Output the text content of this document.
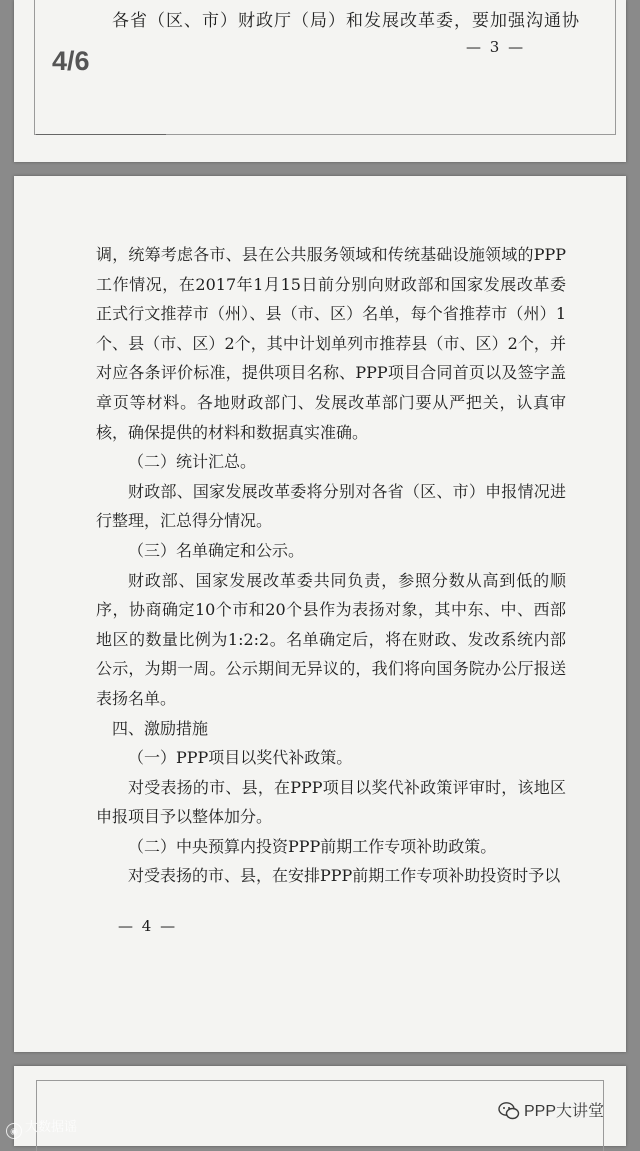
各省（区、市）财政厅（局）和发展改革委，要加强沟通协
— 3 —
4/6

调，统筹考虑各市、县在公共服务领域和传统基础设施领域的PPP工作情况，在2017年1月15日前分别向财政部和国家发展改革委正式行文推荐市（州）、县（市、区）名单，每个省推荐市（州）1个、县（市、区）2个，其中计划单列市推荐县（市、区）2个，并对应各条评价标准，提供项目名称、PPP项目合同首页以及签字盖章页等材料。各地财政部门、发展改革部门要从严把关，认真审核，确保提供的材料和数据真实准确。

（二）统计汇总。

财政部、国家发展改革委将分别对各省（区、市）申报情况进行整理，汇总得分情况。

（三）名单确定和公示。

财政部、国家发展改革委共同负责，参照分数从高到低的顺序，协商确定10个市和20个县作为表扬对象，其中东、中、西部地区的数量比例为1:2:2。名单确定后，将在财政、发改系统内部公示，为期一周。公示期间无异议的，我们将向国务院办公厅报送表扬名单。

四、激励措施

（一）PPP项目以奖代补政策。

对受表扬的市、县，在PPP项目以奖代补政策评审时，该地区申报项目予以整体加分。

（二）中央预算内投资PPP前期工作专项补助政策。

对受表扬的市、县，在安排PPP前期工作专项补助投资时予以

— 4 —
◉ 大数据谣
PPP大讲堂
